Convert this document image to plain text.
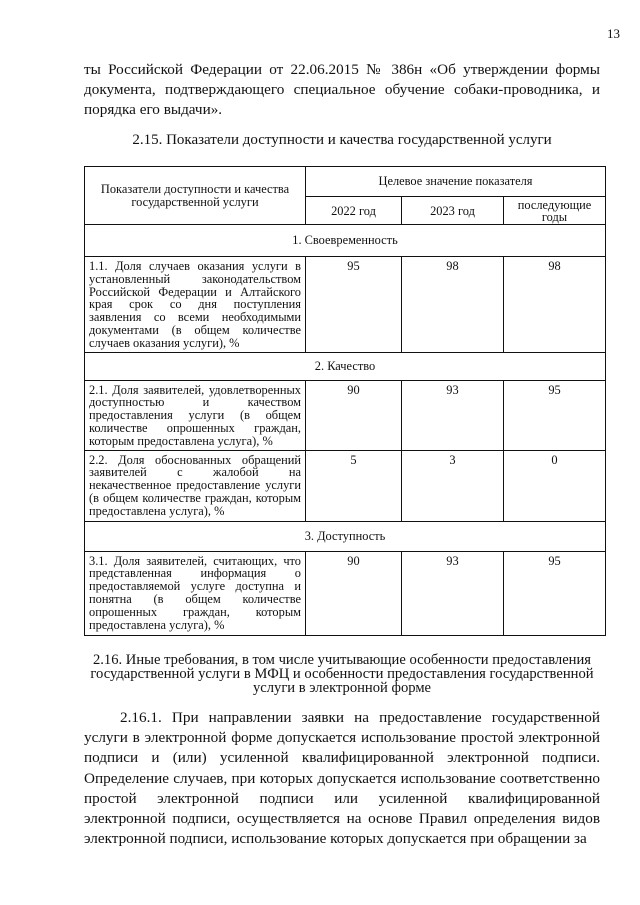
13
ты Российской Федерации от 22.06.2015 № 386н «Об утверждении формы документа, подтверждающего специальное обучение собаки-проводника, и порядка его выдачи».
2.15. Показатели доступности и качества государственной услуги
Показатели доступности и качества государственной услуги	Целевое значение показателя		
	2022 год	2023 год	последующие годы
1. Своевременность			
1.1. Доля случаев оказания услуги в установленный законодательством Российской Федерации и Алтайского края срок со дня поступления заявления со всеми необходимыми документами (в общем количестве случаев оказания услуги), %	95	98	98
2. Качество			
2.1. Доля заявителей, удовлетворенных доступностью и качеством предоставления услуги (в общем количестве опрошенных граждан, которым предоставлена услуга), %	90	93	95
2.2. Доля обоснованных обращений заявителей с жалобой на некачественное предоставление услуги (в общем количестве граждан, которым предоставлена услуга), %	5	3	0
3. Доступность			
3.1. Доля заявителей, считающих, что представленная информация о предоставляемой услуге доступна и понятна (в общем количестве опрошенных граждан, которым предоставлена услуга), %	90	93	95
2.16. Иные требования, в том числе учитывающие особенности предоставления государственной услуги в МФЦ и особенности предоставления государственной услуги в электронной форме

2.16.1. При направлении заявки на предоставление государственной услуги в электронной форме допускается использование простой электронной подписи и (или) усиленной квалифицированной электронной подписи. Определение случаев, при которых допускается использование соответственно простой электронной подписи или усиленной квалифицированной электронной подписи, осуществляется на основе Правил определения видов электронной подписи, использование которых допускается при обращении за
